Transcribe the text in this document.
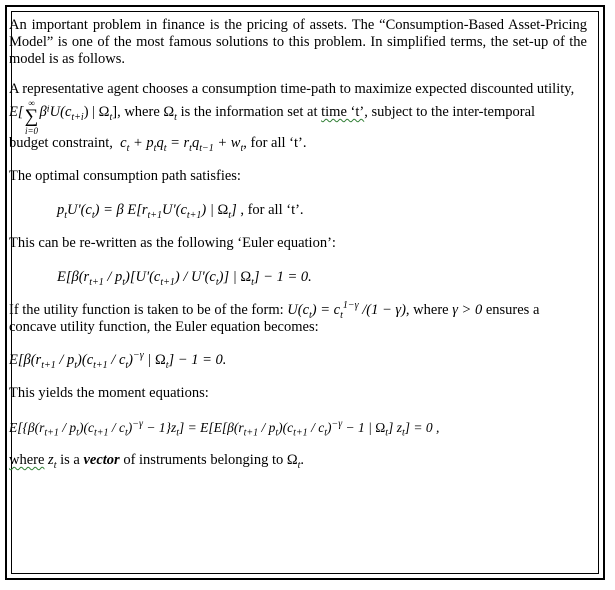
An important problem in finance is the pricing of assets. The “Consumption-Based Asset-Pricing Model” is one of the most famous solutions to this problem. In simplified terms, the set-up of the model is as follows.

A representative agent chooses a consumption time-path to maximize expected discounted utility,
E[
∞
∑
i=0
$\beta^iU(c_{t+i})$ | $\Omega_t$], where $\Omega_t$ is the information set at time ‘t’, subject to the inter-temporal

budget constraint, $c_t + p_tq_t = r_tq_{t-1} + w_t$, for all ‘t’.

The optimal consumption path satisfies:

$p_tU'(c_t) = \beta$ $E[r_{t+1}U'(c_{t+1})$ | $\Omega_t$] , for all ‘t’.

This can be re-written as the following ‘Euler equation’:

$E[\beta(r_{t+1} / p_t)[U'(c_{t+1}) / U'(c_t)]$ | $\Omega_t] - 1 = 0$.

If the utility function is taken to be of the form: $U(c_t) = c_t^{1-\gamma}$ /(1 − γ), where γ > 0 ensures a
concave utility function, the Euler equation becomes:

$E[\beta(r_{t+1} / p_t)(c_{t+1} / c_t)^{-\gamma}$ | $\Omega_t] - 1 = 0$.

This yields the moment equations:

$E[\{\beta(r_{t+1} / p_t)(c_{t+1} / c_t)^{-\gamma} - 1\}z_t] = E[E[\beta(r_{t+1} / p_t)(c_{t+1} / c_t)^{-\gamma} - 1$ | $\Omega_t$] $z_t] = 0$ ,

where $z_t$ is a vector of instruments belonging to $\Omega_t$.
